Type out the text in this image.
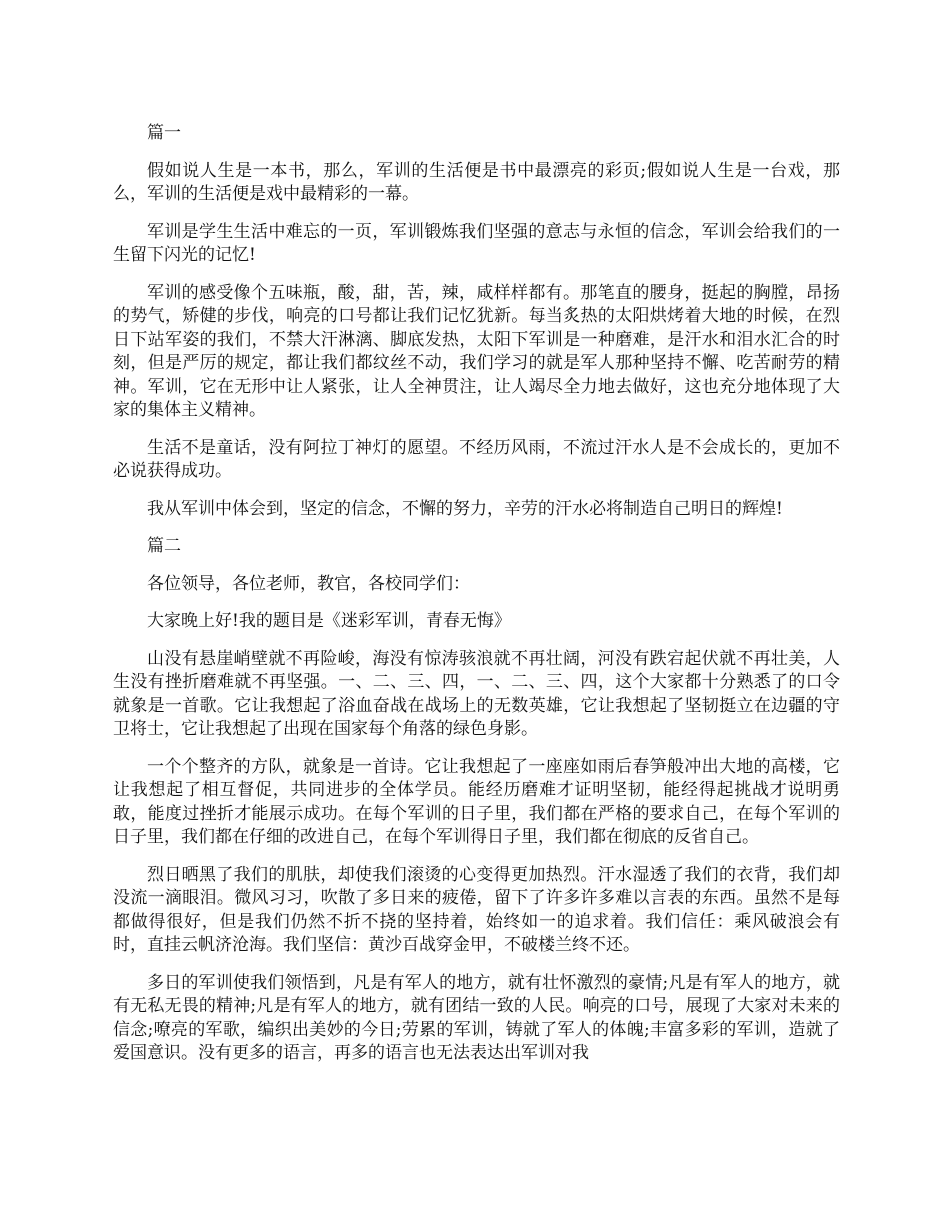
篇一

假如说人生是一本书，那么，军训的生活便是书中最漂亮的彩页;假如说人生是一台戏，那么，军训的生活便是戏中最精彩的一幕。

军训是学生生活中难忘的一页，军训锻炼我们坚强的意志与永恒的信念，军训会给我们的一生留下闪光的记忆!

军训的感受像个五味瓶，酸，甜，苦，辣，咸样样都有。那笔直的腰身，挺起的胸膛，昂扬的势气，矫健的步伐，响亮的口号都让我们记忆犹新。每当炙热的太阳烘烤着大地的时候，在烈日下站军姿的我们，不禁大汗淋漓、脚底发热，太阳下军训是一种磨难，是汗水和泪水汇合的时刻，但是严厉的规定，都让我们都纹丝不动，我们学习的就是军人那种坚持不懈、吃苦耐劳的精神。军训，它在无形中让人紧张，让人全神贯注，让人竭尽全力地去做好，这也充分地体现了大家的集体主义精神。

生活不是童话，没有阿拉丁神灯的愿望。不经历风雨，不流过汗水人是不会成长的，更加不必说获得成功。

我从军训中体会到，坚定的信念，不懈的努力，辛劳的汗水必将制造自己明日的辉煌!

篇二

各位领导，各位老师，教官，各校同学们：

大家晚上好!我的题目是《迷彩军训，青春无悔》

山没有悬崖峭壁就不再险峻，海没有惊涛骇浪就不再壮阔，河没有跌宕起伏就不再壮美，人生没有挫折磨难就不再坚强。一、二、三、四，一、二、三、四，这个大家都十分熟悉了的口令就象是一首歌。它让我想起了浴血奋战在战场上的无数英雄，它让我想起了坚韧挺立在边疆的守卫将士，它让我想起了出现在国家每个角落的绿色身影。

一个个整齐的方队，就象是一首诗。它让我想起了一座座如雨后春笋般冲出大地的高楼，它让我想起了相互督促，共同进步的全体学员。能经历磨难才证明坚韧，能经得起挑战才说明勇敢，能度过挫折才能展示成功。在每个军训的日子里，我们都在严格的要求自己，在每个军训的日子里，我们都在仔细的改进自己，在每个军训得日子里，我们都在彻底的反省自己。

烈日晒黑了我们的肌肤，却使我们滚烫的心变得更加热烈。汗水湿透了我们的衣背，我们却没流一滴眼泪。微风习习，吹散了多日来的疲倦，留下了许多许多难以言表的东西。虽然不是每都做得很好，但是我们仍然不折不挠的坚持着，始终如一的追求着。我们信任：乘风破浪会有时，直挂云帆济沧海。我们坚信：黄沙百战穿金甲，不破楼兰终不还。

多日的军训使我们领悟到，凡是有军人的地方，就有壮怀激烈的豪情;凡是有军人的地方，就有无私无畏的精神;凡是有军人的地方，就有团结一致的人民。响亮的口号，展现了大家对未来的信念;嘹亮的军歌，编织出美妙的今日;劳累的军训，铸就了军人的体魄;丰富多彩的军训，造就了爱国意识。没有更多的语言，再多的语言也无法表达出军训对我
